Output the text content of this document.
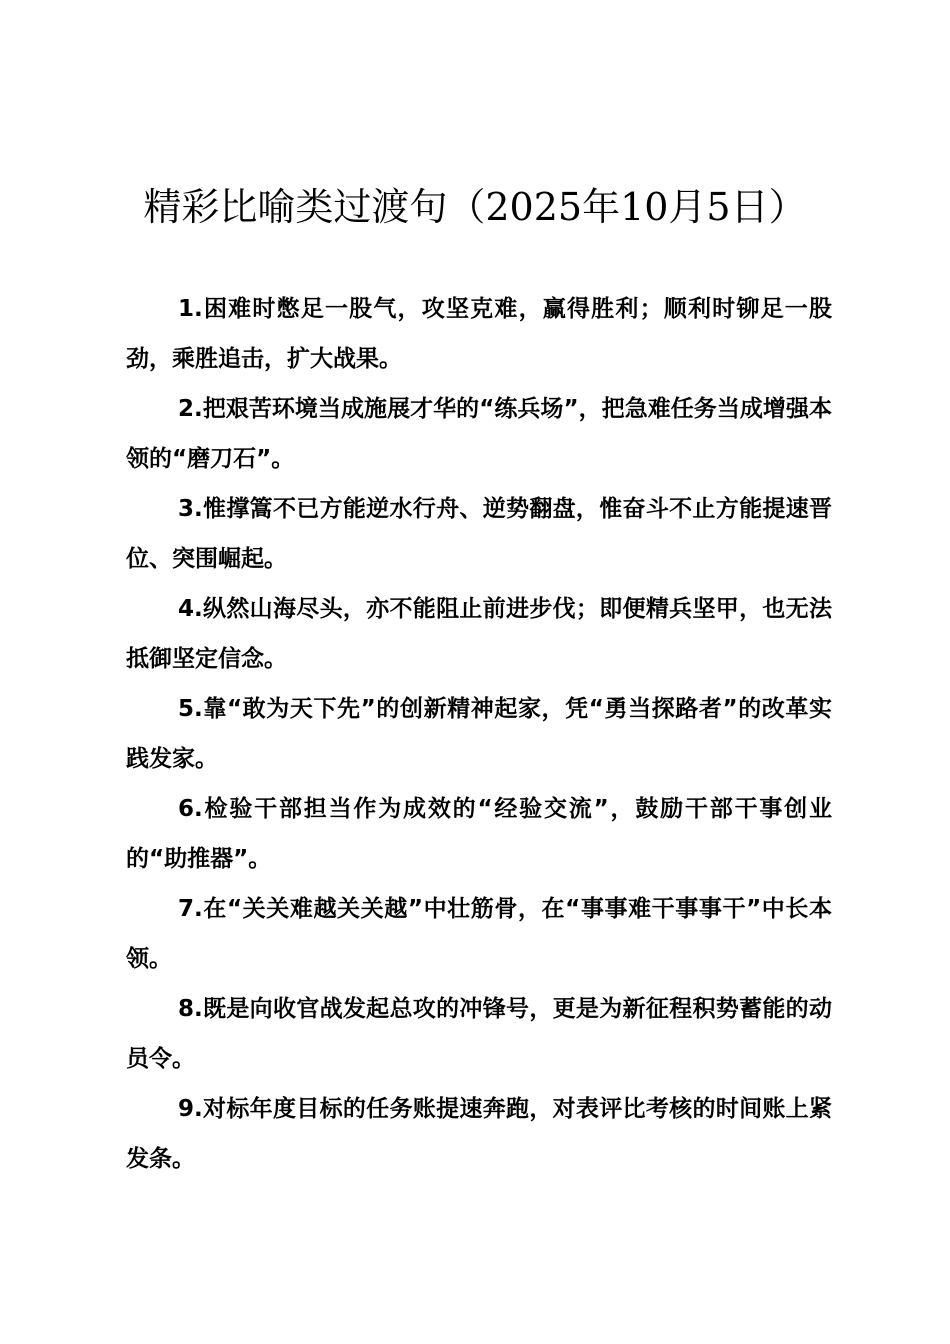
精彩比喻类过渡句（2025年10月5日）

1.困难时憋足一股气，攻坚克难，赢得胜利；顺利时铆足一股劲，乘胜追击，扩大战果。

2.把艰苦环境当成施展才华的“练兵场”，把急难任务当成增强本领的“磨刀石”。

3.惟撑篙不已方能逆水行舟、逆势翻盘，惟奋斗不止方能提速晋位、突围崛起。

4.纵然山海尽头，亦不能阻止前进步伐；即便精兵坚甲，也无法抵御坚定信念。

5.靠“敢为天下先”的创新精神起家，凭“勇当探路者”的改革实践发家。

6.检验干部担当作为成效的“经验交流”，鼓励干部干事创业的“助推器”。

7.在“关关难越关关越”中壮筋骨，在“事事难干事事干”中长本领。

8.既是向收官战发起总攻的冲锋号，更是为新征程积势蓄能的动员令。

9.对标年度目标的任务账提速奔跑，对表评比考核的时间账上紧发条。
